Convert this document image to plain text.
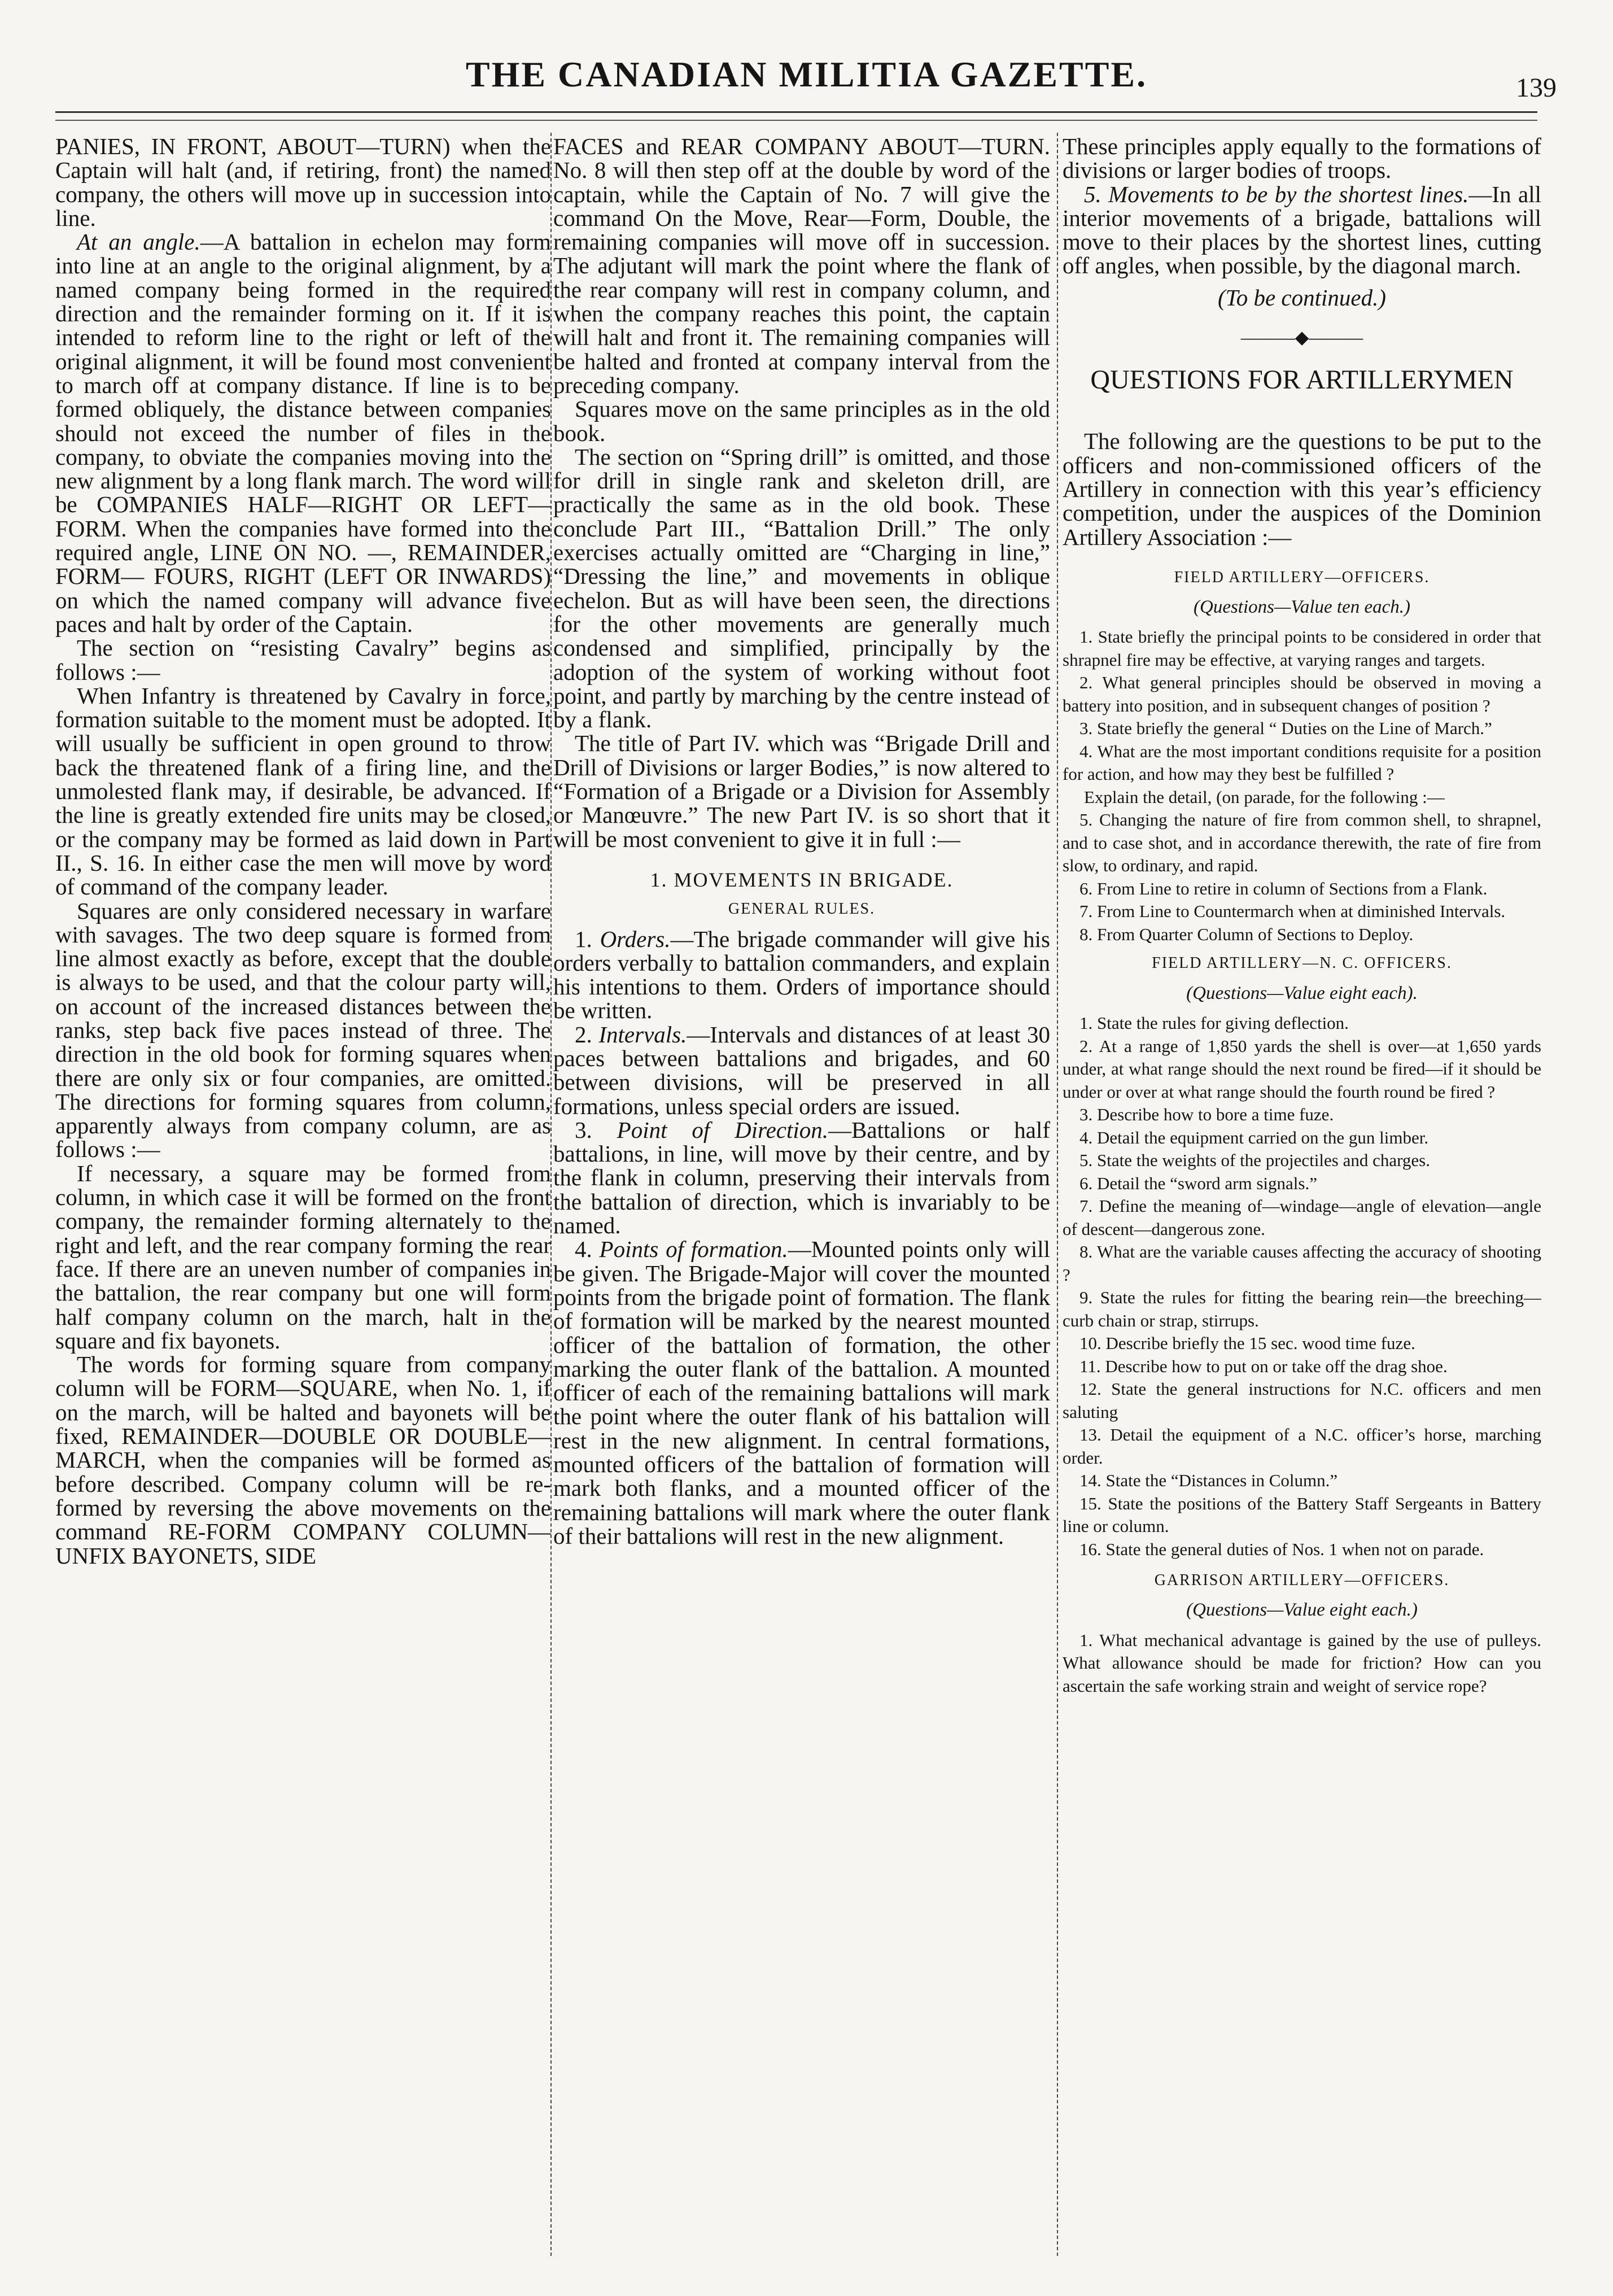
THE CANADIAN MILITIA GAZETTE.	139

PANIES, IN FRONT, ABOUT—TURN) when the Captain will halt (and, if retiring, front) the named company, the others will move up in succession into line.

At an angle.—A battalion in echelon may form into line at an angle to the original alignment, by a named company being formed in the required direction and the remainder forming on it. If it is intended to reform line to the right or left of the original alignment, it will be found most convenient to march off at company distance. If line is to be formed obliquely, the distance between companies should not exceed the number of files in the company, to obviate the companies moving into the new alignment by a long flank march. The word will be COMPANIES HALF—RIGHT OR LEFT—FORM. When the companies have formed into the required angle, LINE ON NO. —, REMAINDER, FORM— FOURS, RIGHT (LEFT OR INWARDS) on which the named company will advance five paces and halt by order of the Captain.

The section on “resisting Cavalry” begins as follows :—

When Infantry is threatened by Cavalry in force, formation suitable to the moment must be adopted. It will usually be sufficient in open ground to throw back the threatened flank of a firing line, and the unmolested flank may, if desirable, be advanced. If the line is greatly extended fire units may be closed, or the company may be formed as laid down in Part II., S. 16. In either case the men will move by word of command of the company leader.

Squares are only considered necessary in warfare with savages. The two deep square is formed from line almost exactly as before, except that the double is always to be used, and that the colour party will, on account of the increased distances between the ranks, step back five paces instead of three. The direction in the old book for forming squares when there are only six or four companies, are omitted. The directions for forming squares from column, apparently always from company column, are as follows :—

If necessary, a square may be formed from column, in which case it will be formed on the front company, the remainder forming alternately to the right and left, and the rear company forming the rear face. If there are an uneven number of companies in the battalion, the rear company but one will form half company column on the march, halt in the square and fix bayonets.

The words for forming square from company column will be FORM—SQUARE, when No. 1, if on the march, will be halted and bayonets will be fixed, REMAINDER—DOUBLE OR DOUBLE—MARCH, when the companies will be formed as before described. Company column will be re-formed by reversing the above movements on the command RE-FORM COMPANY COLUMN—UNFIX BAYONETS, SIDE

FACES and REAR COMPANY ABOUT—TURN. No. 8 will then step off at the double by word of the captain, while the Captain of No. 7 will give the command On the Move, Rear—Form, Double, the remaining companies will move off in succession. The adjutant will mark the point where the flank of the rear company will rest in company column, and when the company reaches this point, the captain will halt and front it. The remaining companies will be halted and fronted at company interval from the preceding company.

Squares move on the same principles as in the old book.

The section on “Spring drill” is omitted, and those for drill in single rank and skeleton drill, are practically the same as in the old book. These conclude Part III., “Battalion Drill.” The only exercises actually omitted are “Charging in line,” “Dressing the line,” and movements in oblique echelon. But as will have been seen, the directions for the other movements are generally much condensed and simplified, principally by the adoption of the system of working without foot point, and partly by marching by the centre instead of by a flank.

The title of Part IV. which was “Brigade Drill and Drill of Divisions or larger Bodies,” is now altered to “Formation of a Brigade or a Division for Assembly or Manœuvre.” The new Part IV. is so short that it will be most convenient to give it in full :—

1. MOVEMENTS IN BRIGADE.
GENERAL RULES.

1. Orders.—The brigade commander will give his orders verbally to battalion commanders, and explain his intentions to them. Orders of importance should be written.

2. Intervals.—Intervals and distances of at least 30 paces between battalions and brigades, and 60 between divisions, will be preserved in all formations, unless special orders are issued.

3. Point of Direction.—Battalions or half battalions, in line, will move by their centre, and by the flank in column, preserving their intervals from the battalion of direction, which is invariably to be named.

4. Points of formation.—Mounted points only will be given. The Brigade-Major will cover the mounted points from the brigade point of formation. The flank of formation will be marked by the nearest mounted officer of the battalion of formation, the other marking the outer flank of the battalion. A mounted officer of each of the remaining battalions will mark the point where the outer flank of his battalion will rest in the new alignment. In central formations, mounted officers of the battalion of formation will mark both flanks, and a mounted officer of the remaining battalions will mark where the outer flank of their battalions will rest in the new alignment.

These principles apply equally to the formations of divisions or larger bodies of troops.

5. Movements to be by the shortest lines.—In all interior movements of a brigade, battalions will move to their places by the shortest lines, cutting off angles, when possible, by the diagonal march.

(To be continued.)

———◆———
QUESTIONS FOR ARTILLERYMEN

The following are the questions to be put to the officers and non-commissioned officers of the Artillery in connection with this year’s efficiency competition, under the auspices of the Dominion Artillery Association :—

FIELD ARTILLERY—OFFICERS.
(Questions—Value ten each.)
1. State briefly the principal points to be considered in order that shrapnel fire may be effective, at varying ranges and targets.
2. What general principles should be observed in moving a battery into position, and in subsequent changes of position ?
3. State briefly the general “ Duties on the Line of March.”
4. What are the most important conditions requisite for a position for action, and how may they best be fulfilled ?

Explain the detail, (on parade, for the following :—

5. Changing the nature of fire from common shell, to shrapnel, and to case shot, and in accordance therewith, the rate of fire from slow, to ordinary, and rapid.
6. From Line to retire in column of Sections from a Flank.
7. From Line to Countermarch when at diminished Intervals.
8. From Quarter Column of Sections to Deploy.
FIELD ARTILLERY—N. C. OFFICERS.
(Questions—Value eight each).
1. State the rules for giving deflection.
2. At a range of 1,850 yards the shell is over—at 1,650 yards under, at what range should the next round be fired—if it should be under or over at what range should the fourth round be fired ?
3. Describe how to bore a time fuze.
4. Detail the equipment carried on the gun limber.
5. State the weights of the projectiles and charges.
6. Detail the “sword arm signals.”
7. Define the meaning of—windage—angle of elevation—angle of descent—dangerous zone.
8. What are the variable causes affecting the accuracy of shooting ?
9. State the rules for fitting the bearing rein—the breeching—curb chain or strap, stirrups.
10. Describe briefly the 15 sec. wood time fuze.
11. Describe how to put on or take off the drag shoe.
12. State the general instructions for N.C. officers and men saluting
13. Detail the equipment of a N.C. officer’s horse, marching order.
14. State the “Distances in Column.”
15. State the positions of the Battery Staff Sergeants in Battery line or column.
16. State the general duties of Nos. 1 when not on parade.
GARRISON ARTILLERY—OFFICERS.
(Questions—Value eight each.)
1. What mechanical advantage is gained by the use of pulleys. What allowance should be made for friction? How can you ascertain the safe working strain and weight of service rope?
